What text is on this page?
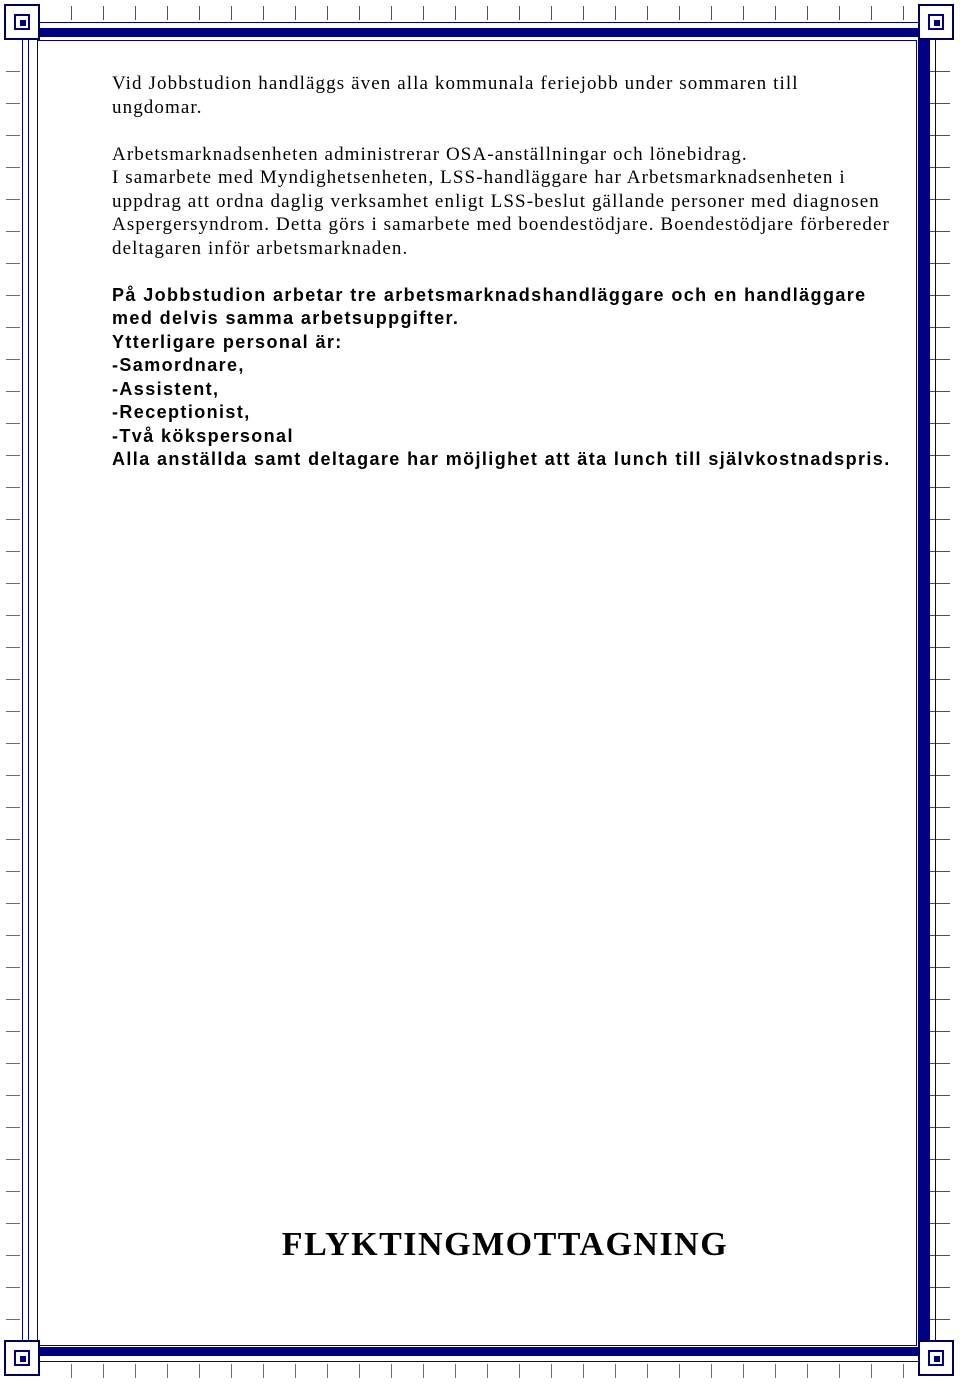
Vid Jobbstudion handläggs även alla kommunala feriejobb under sommaren till ungdomar.

Arbetsmarknadsenheten administrerar OSA-anställningar och lönebidrag.

I samarbete med Myndighetsenheten, LSS-handläggare har Arbetsmarknadsenheten i uppdrag att ordna daglig verksamhet enligt LSS-beslut gällande personer med diagnosen Aspergersyndrom. Detta görs i samarbete med boendestödjare. Boendestödjare förbereder deltagaren inför arbetsmarknaden.

På Jobbstudion arbetar tre arbetsmarknadshandläggare och en handläggare med delvis samma arbetsuppgifter.

Ytterligare personal är:

-Samordnare,

-Assistent,

-Receptionist,

-Två kökspersonal

Alla anställda samt deltagare har möjlighet att äta lunch till självkostnadspris.

FLYKTINGMOTTAGNING
